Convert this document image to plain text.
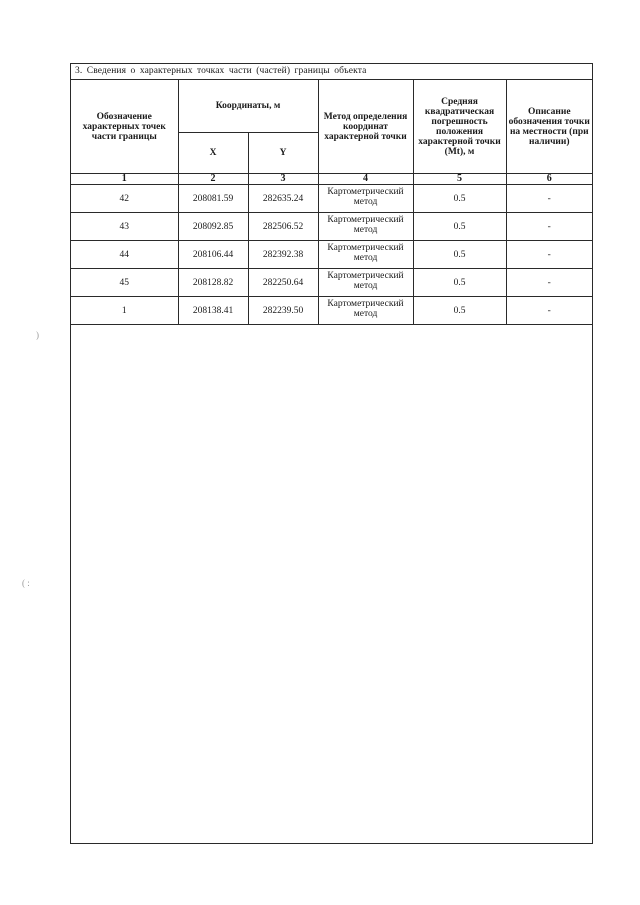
3. Сведения о характерных точках части (частей) границы объекта
Обозначение характерных точек части границы	Координаты, м		Метод определения координат характерной точки	Средняя квадратическая погрешность положения характерной точки (Mt), м	Описание обозначения точки на местности (при наличии)
	X	Y			
1	2	3	4	5	6
42	208081.59	282635.24	Картометрический метод	0.5	-
43	208092.85	282506.52	Картометрический метод	0.5	-
44	208106.44	282392.38	Картометрический метод	0.5	-
45	208128.82	282250.64	Картометрический метод	0.5	-
1	208138.41	282239.50	Картометрический метод	0.5	-
)
( :
